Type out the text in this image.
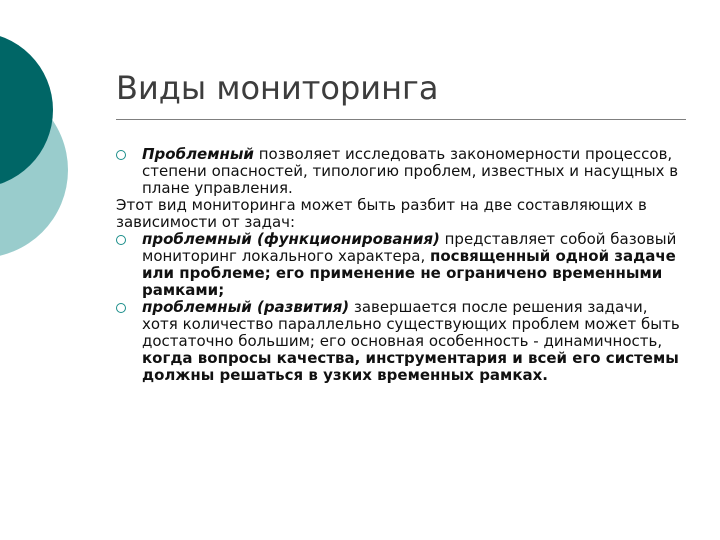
Виды мониторинга
Проблемный позволяет исследовать закономерности процессов, степени опасностей, типологию проблем, известных и насущных в плане управления.
Этот вид мониторинга может быть разбит на две составляющих в зависимости от задач:
проблемный (функционирования) представляет собой базовый мониторинг локального характера, посвященный одной задаче или проблеме; его применение не ограничено временными рамками;
проблемный (развития) завершается после решения задачи, хотя количество параллельно существующих проблем может быть достаточно большим; его основная особенность - динамичность, когда вопросы качества, инструментария и всей его системы должны решаться в узких временных рамках.
